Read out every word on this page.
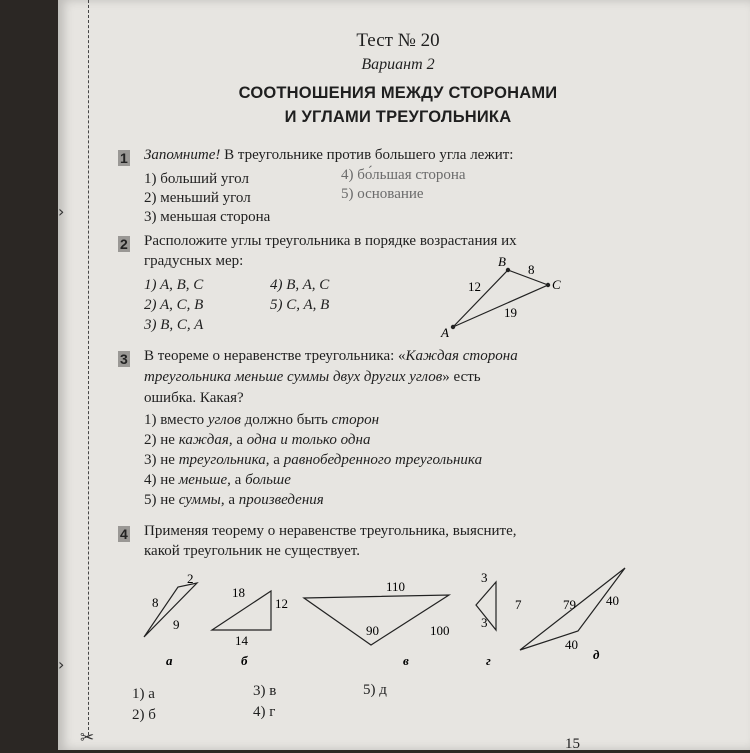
Тест № 20
Вариант 2
СООТНОШЕНИЯ МЕЖДУ СТОРОНАМИ
И УГЛАМИ ТРЕУГОЛЬНИКА
1 Запомните! В треугольнике против большего угла лежит:
1) больший угол
2) меньший угол
3) меньшая сторона
4) бо́льшая сторона
5) основание
2 Расположите углы треугольника в порядке возрастания их
градусных мер:
1) A, B, C
2) A, C, B
3) B, C, A
4) B, A, C
5) C, A, B
B
C
A
8
12
19
3 В теореме о неравенстве треугольника: «Каждая сторона
треугольника меньше суммы двух других углов» есть
ошибка. Какая?
1) вместо углов должно быть сторон
2) не каждая, а одна и только одна
3) не треугольника, а равнобедренного треугольника
4) не меньше, а больше
5) не суммы, а произведения
4 Применяя теорему о неравенстве треугольника, выясните,
какой треугольник не существует.
2
8
9
а
18
12
14
б
110
90	100
в
3
7
3
г
79 40
40
д
1) а
2) б
3) в
4) г
5) д
15
✂
›
›
